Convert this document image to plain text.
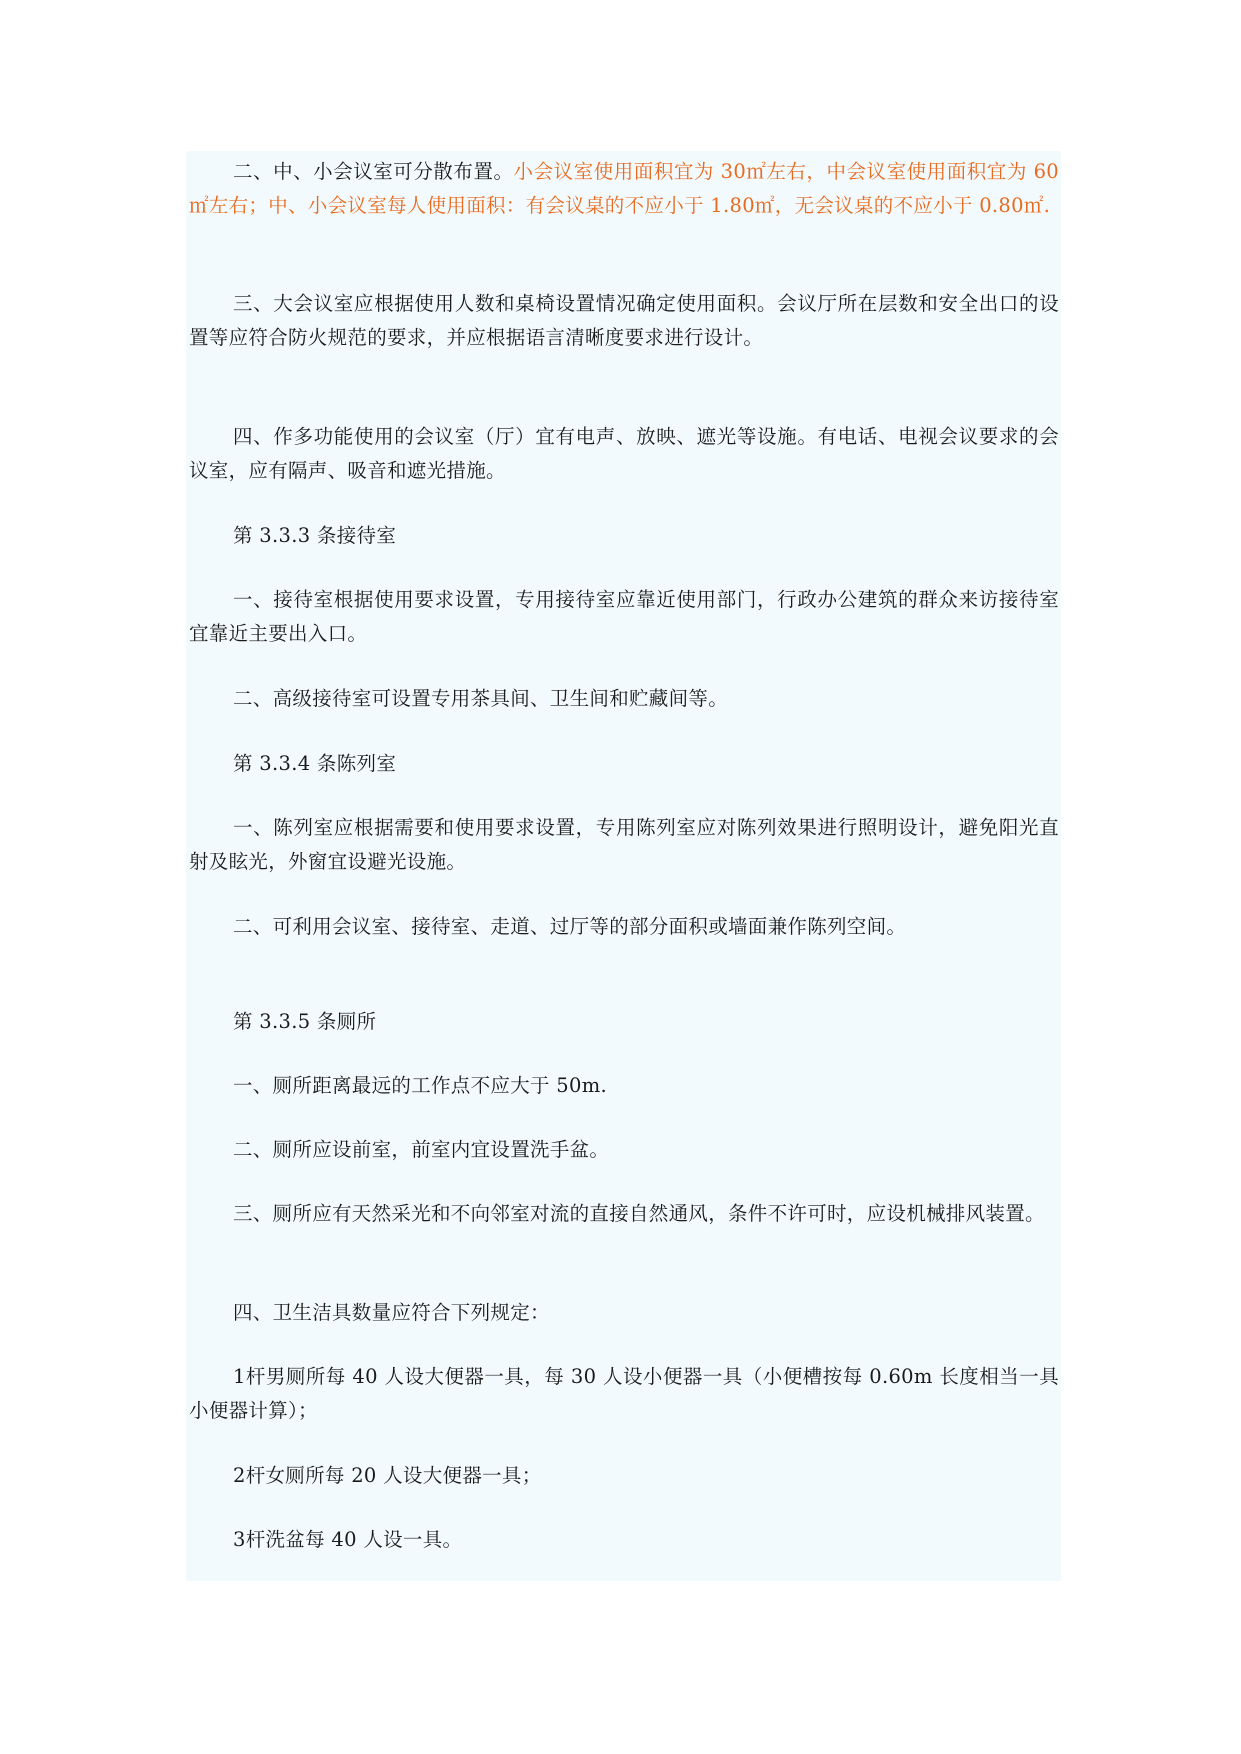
二、中、小会议室可分散布置。小会议室使用面积宜为 30㎡左右，中会议室使用面积宜为 60㎡左右；中、小会议室每人使用面积：有会议桌的不应小于 1.80㎡，无会议桌的不应小于 0.80㎡.

三、大会议室应根据使用人数和桌椅设置情况确定使用面积。会议厅所在层数和安全出口的设置等应符合防火规范的要求，并应根据语言清晰度要求进行设计。

四、作多功能使用的会议室（厅）宜有电声、放映、遮光等设施。有电话、电视会议要求的会议室，应有隔声、吸音和遮光措施。

第 3.3.3 条接待室

一、接待室根据使用要求设置，专用接待室应靠近使用部门，行政办公建筑的群众来访接待室宜靠近主要出入口。

二、高级接待室可设置专用茶具间、卫生间和贮藏间等。

第 3.3.4 条陈列室

一、陈列室应根据需要和使用要求设置，专用陈列室应对陈列效果进行照明设计，避免阳光直射及眩光，外窗宜设避光设施。

二、可利用会议室、接待室、走道、过厅等的部分面积或墙面兼作陈列空间。

第 3.3.5 条厕所

一、厕所距离最远的工作点不应大于 50m.

二、厕所应设前室，前室内宜设置洗手盆。

三、厕所应有天然采光和不向邻室对流的直接自然通风，条件不许可时，应设机械排风装置。

四、卫生洁具数量应符合下列规定：

1杆男厕所每 40 人设大便器一具，每 30 人设小便器一具（小便槽按每 0.60m 长度相当一具小便器计算）；

2杆女厕所每 20 人设大便器一具；

3杆洗盆每 40 人设一具。
